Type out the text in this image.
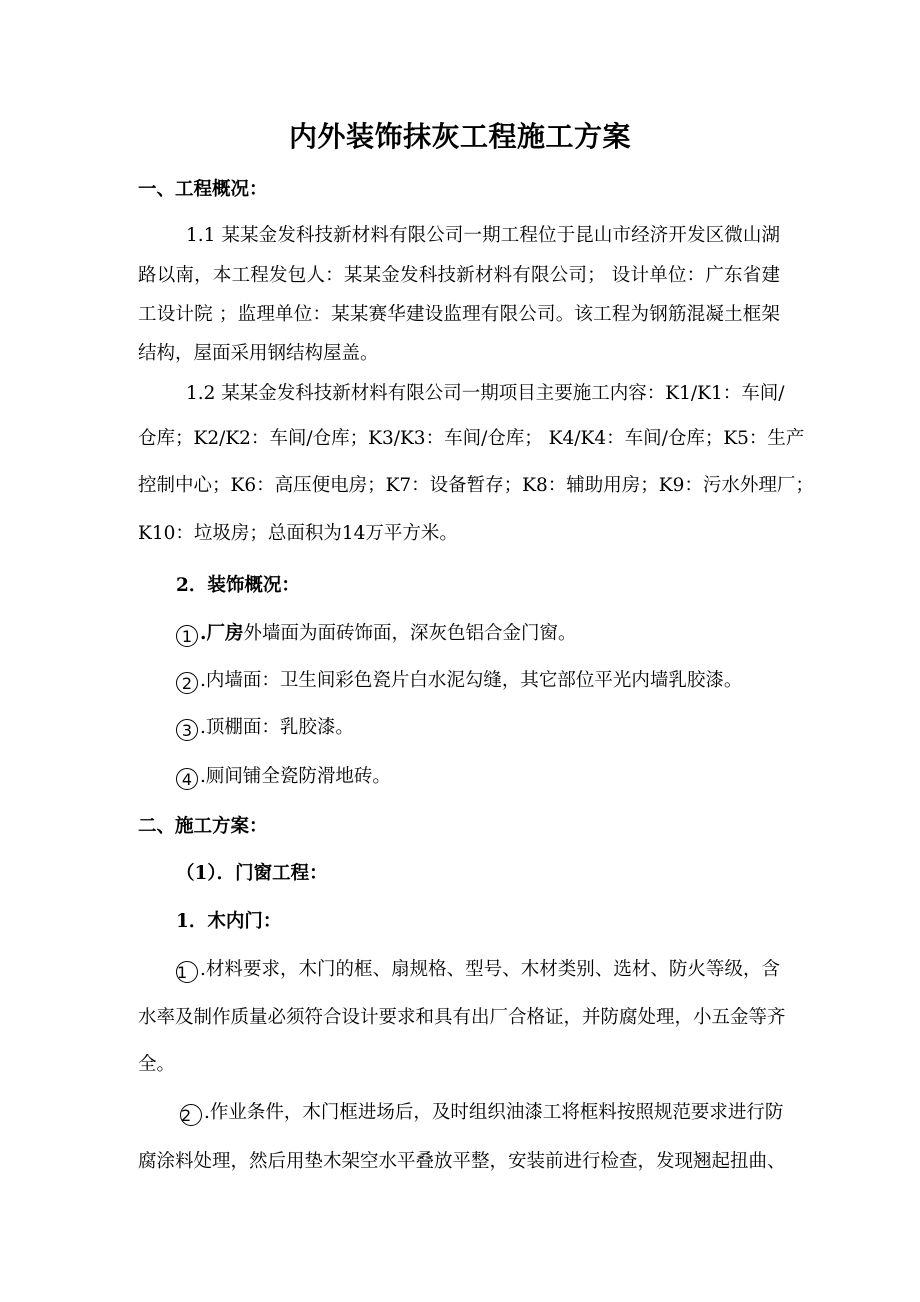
内外装饰抹灰工程施工方案
一、工程概况：
1.1 某某金发科技新材料有限公司一期工程位于昆山市经济开发区微山湖
路以南，本工程发包人：某某金发科技新材料有限公司； 设计单位：广东省建
工设计院 ；监理单位：某某赛华建设监理有限公司。该工程为钢筋混凝土框架
结构，屋面采用钢结构屋盖。
1.2 某某金发科技新材料有限公司一期项目主要施工内容：K1/K1：车间/
仓库；K2/K2：车间/仓库；K3/K3：车间/仓库； K4/K4：车间/仓库；K5：生产
控制中心；K6：高压便电房；K7：设备暂存；K8：辅助用房；K9：污水外理厂；
K10：垃圾房；总面积为14万平方米。
2．装饰概况：
1 .厂房外墙面为面砖饰面，深灰色铝合金门窗。
2 .内墙面：卫生间彩色瓷片白水泥勾缝，其它部位平光内墙乳胶漆。
3 .顶棚面：乳胶漆。
4 .厕间铺全瓷防滑地砖。
二、施工方案：
（1）．门窗工程：
1．木内门：
1 .材料要求，木门的框、扇规格、型号、木材类别、选材、防火等级，含
水率及制作质量必须符合设计要求和具有出厂合格证，并防腐处理，小五金等齐
全。
2 .作业条件，木门框进场后，及时组织油漆工将框料按照规范要求进行防
腐涂料处理，然后用垫木架空水平叠放平整，安装前进行检查，发现翘起扭曲、
